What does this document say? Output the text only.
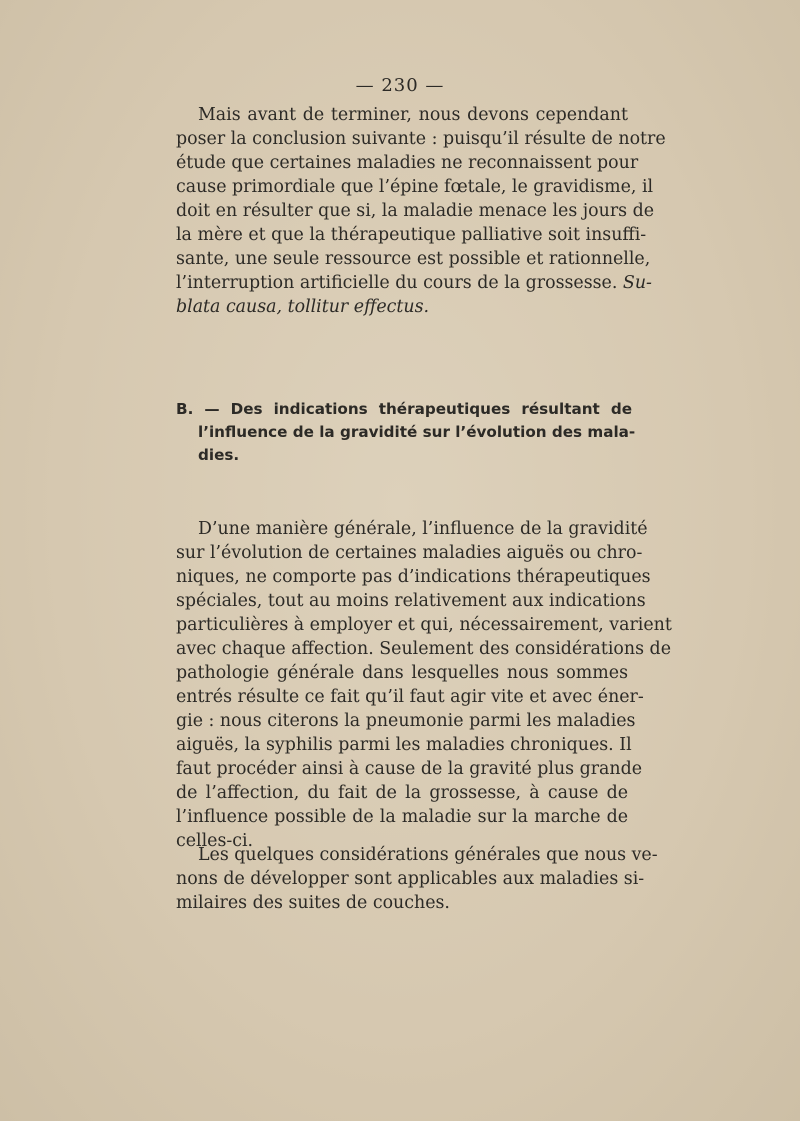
— 230 —
Mais avant de terminer, nous devons cependant
poser la conclusion suivante : puisqu’il résulte de notre
étude que certaines maladies ne reconnaissent pour
cause primordiale que l’épine fœtale, le gravidisme, il
doit en résulter que si, la maladie menace les jours de
la mère et que la thérapeutique palliative soit insuffi-
sante, une seule ressource est possible et rationnelle,
l’interruption artificielle du cours de la grossesse. Su-
blata causa, tollitur effectus.
B. — Des indications thérapeutiques résultant de
l’influence de la gravidité sur l’évolution des mala-
dies.
D’une manière générale, l’influence de la gravidité
sur l’évolution de certaines maladies aiguës ou chro-
niques, ne comporte pas d’indications thérapeutiques
spéciales, tout au moins relativement aux indications
particulières à employer et qui, nécessairement, varient
avec chaque affection. Seulement des considérations de
pathologie générale dans lesquelles nous sommes
entrés résulte ce fait qu’il faut agir vite et avec éner-
gie : nous citerons la pneumonie parmi les maladies
aiguës, la syphilis parmi les maladies chroniques. Il
faut procéder ainsi à cause de la gravité plus grande
de l’affection, du fait de la grossesse, à cause de
l’influence possible de la maladie sur la marche de
celles-ci.
Les quelques considérations générales que nous ve-
nons de développer sont applicables aux maladies si-
milaires des suites de couches.
